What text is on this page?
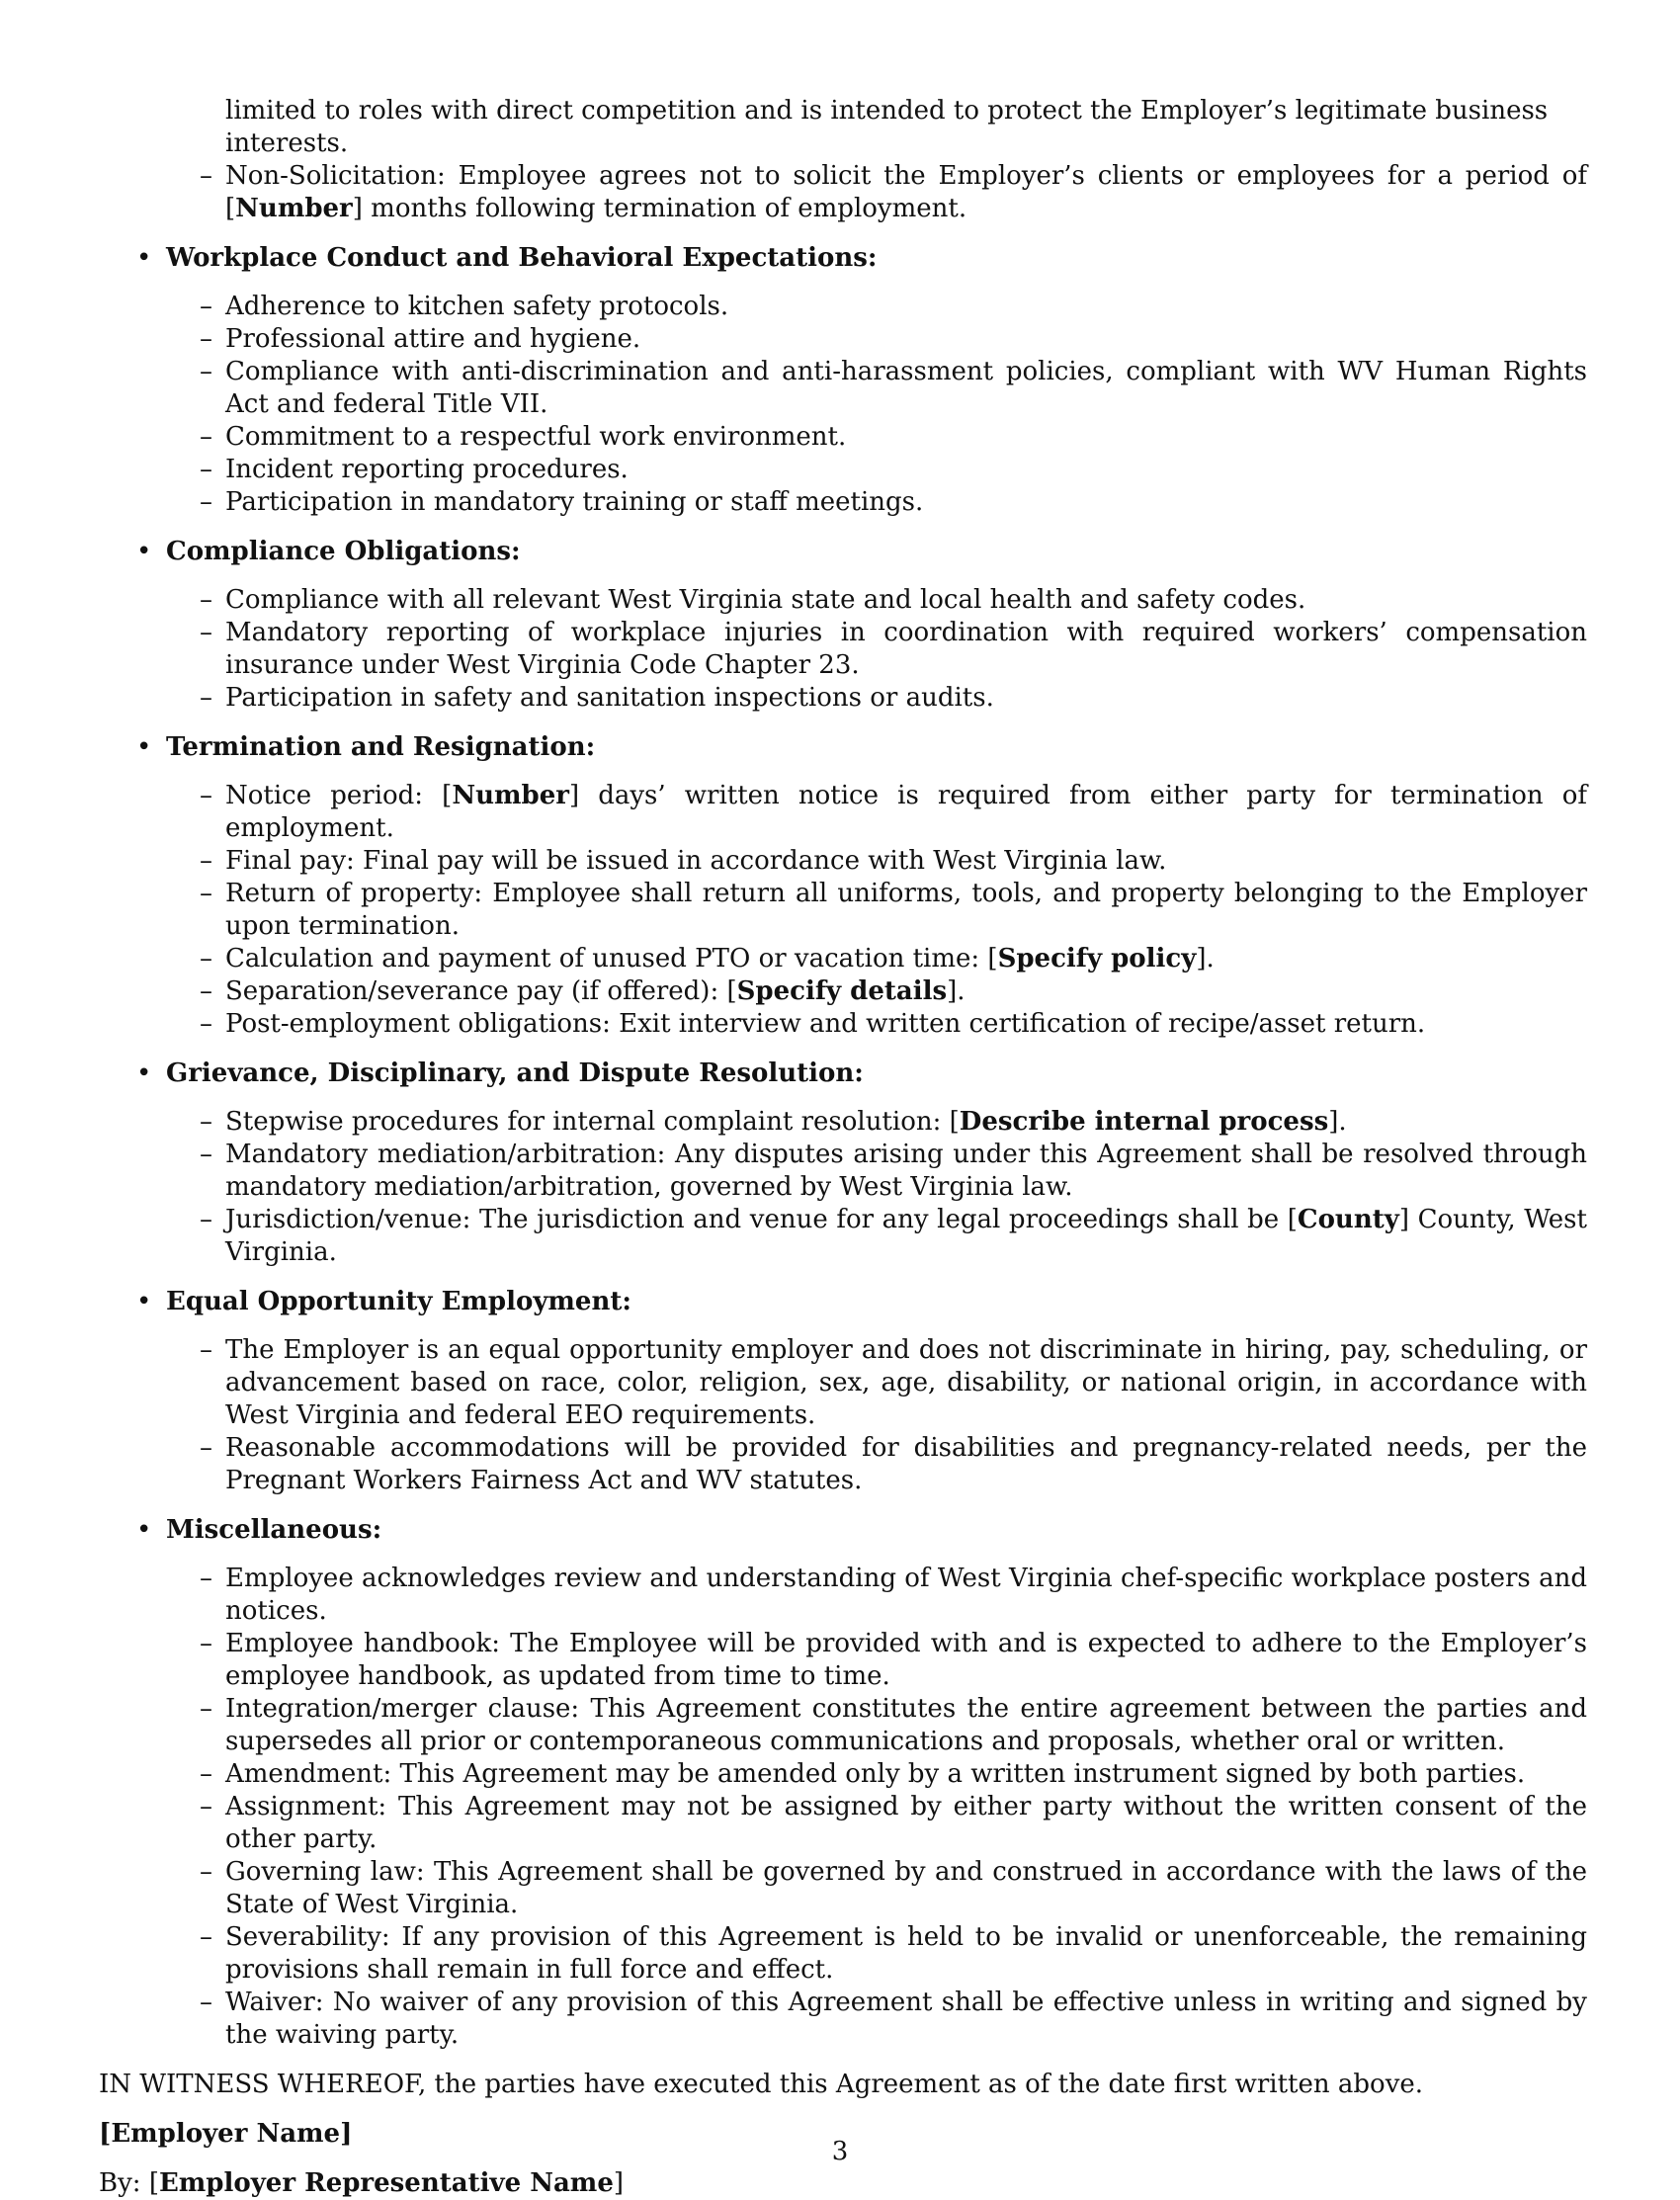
limited to roles with direct competition and is intended to protect the Employer’s legitimate business interests.
– Non-Solicitation: Employee agrees not to solicit the Employer’s clients or employees for a period of [Number] months following termination of employment.
• Workplace Conduct and Behavioral Expectations:
– Adherence to kitchen safety protocols.
– Professional attire and hygiene.
– Compliance with anti-discrimination and anti-harassment policies, compliant with WV Human Rights Act and federal Title VII.
– Commitment to a respectful work environment.
– Incident reporting procedures.
– Participation in mandatory training or staff meetings.
• Compliance Obligations:
– Compliance with all relevant West Virginia state and local health and safety codes.
– Mandatory reporting of workplace injuries in coordination with required workers’ compensation insurance under West Virginia Code Chapter 23.
– Participation in safety and sanitation inspections or audits.
• Termination and Resignation:
– Notice period: [Number] days’ written notice is required from either party for termination of employment.
– Final pay: Final pay will be issued in accordance with West Virginia law.
– Return of property: Employee shall return all uniforms, tools, and property belonging to the Employer upon termination.
– Calculation and payment of unused PTO or vacation time: [Specify policy].
– Separation/severance pay (if offered): [Specify details].
– Post-employment obligations: Exit interview and written certification of recipe/asset return.
• Grievance, Disciplinary, and Dispute Resolution:
– Stepwise procedures for internal complaint resolution: [Describe internal process].
– Mandatory mediation/arbitration: Any disputes arising under this Agreement shall be resolved through mandatory mediation/arbitration, governed by West Virginia law.
– Jurisdiction/venue: The jurisdiction and venue for any legal proceedings shall be [County] County, West Virginia.
• Equal Opportunity Employment:
– The Employer is an equal opportunity employer and does not discriminate in hiring, pay, scheduling, or advancement based on race, color, religion, sex, age, disability, or national origin, in accordance with West Virginia and federal EEO requirements.
– Reasonable accommodations will be provided for disabilities and pregnancy-related needs, per the Pregnant Workers Fairness Act and WV statutes.
• Miscellaneous:
– Employee acknowledges review and understanding of West Virginia chef-specific workplace posters and notices.
– Employee handbook: The Employee will be provided with and is expected to adhere to the Employer’s employee handbook, as updated from time to time.
– Integration/merger clause: This Agreement constitutes the entire agreement between the parties and supersedes all prior or contemporaneous communications and proposals, whether oral or written.
– Amendment: This Agreement may be amended only by a written instrument signed by both parties.
– Assignment: This Agreement may not be assigned by either party without the written consent of the other party.
– Governing law: This Agreement shall be governed by and construed in accordance with the laws of the State of West Virginia.
– Severability: If any provision of this Agreement is held to be invalid or unenforceable, the remaining provisions shall remain in full force and effect.
– Waiver: No waiver of any provision of this Agreement shall be effective unless in writing and signed by the waiving party.
IN WITNESS WHEREOF, the parties have executed this Agreement as of the date first written above.
[Employer Name]
By: [Employer Representative Name]
3
